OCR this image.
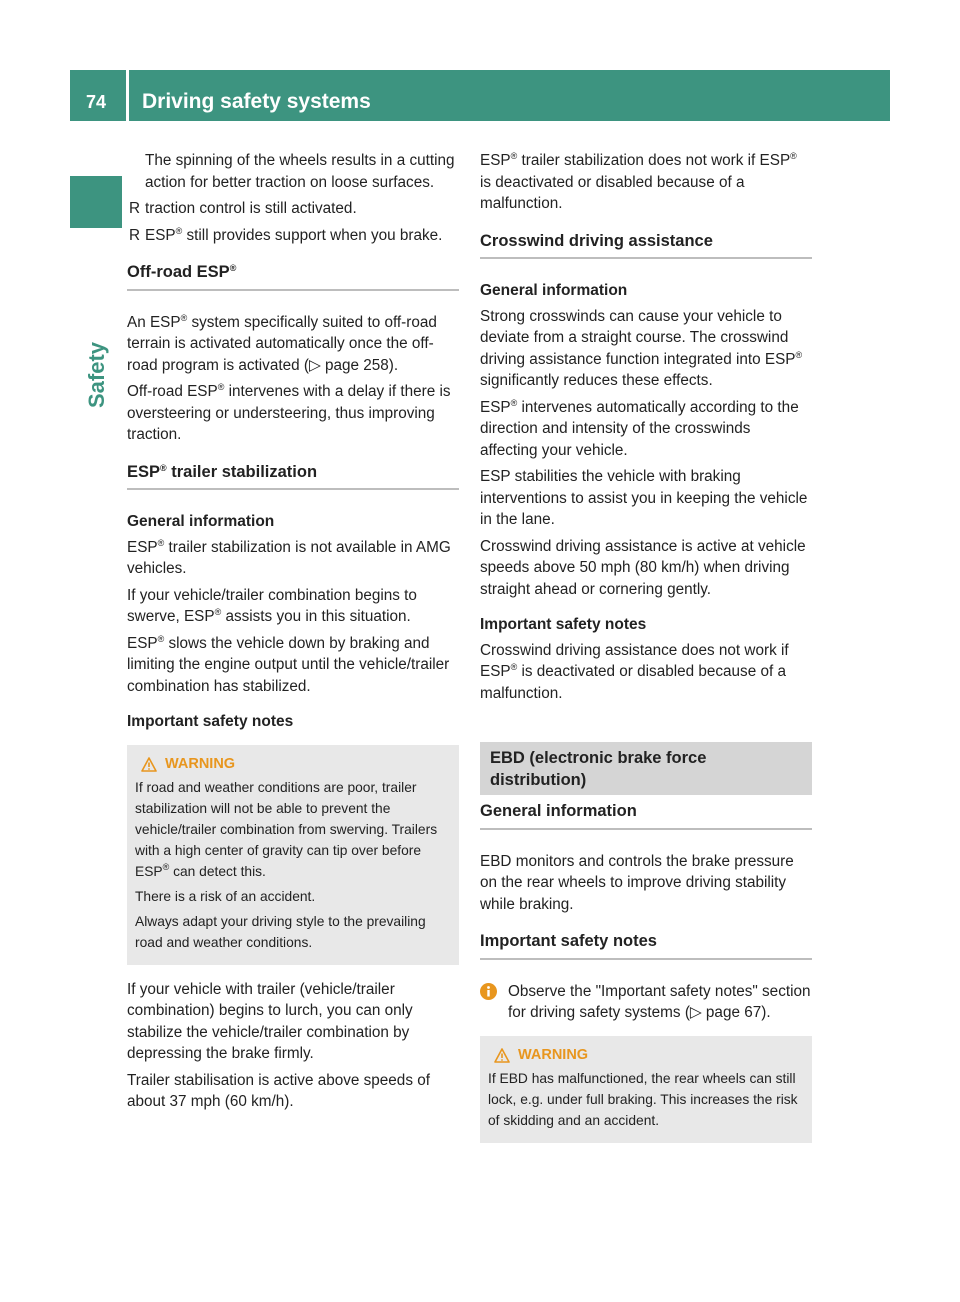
74 Driving safety systems
Safety

The spinning of the wheels results in a cutting action for better traction on loose surfaces.

R traction control is still activated.
R ESP® still provides support when you brake.
Off-road ESP®

An ESP® system specifically suited to off-road terrain is activated automatically once the off-road program is activated (▷ page 258).

Off-road ESP® intervenes with a delay if there is oversteering or understeering, thus improving traction.

ESP® trailer stabilization
General information

ESP® trailer stabilization is not available in AMG vehicles.

If your vehicle/trailer combination begins to swerve, ESP® assists you in this situation.

ESP® slows the vehicle down by braking and limiting the engine output until the vehicle/trailer combination has stabilized.

Important safety notes
WARNING

If road and weather conditions are poor, trailer stabilization will not be able to prevent the vehicle/trailer combination from swerving. Trailers with a high center of gravity can tip over before ESP® can detect this.

There is a risk of an accident.

Always adapt your driving style to the prevailing road and weather conditions.

If your vehicle with trailer (vehicle/trailer combination) begins to lurch, you can only stabilize the vehicle/trailer combination by depressing the brake firmly.

Trailer stabilisation is active above speeds of about 37 mph (60 km/h).

ESP® trailer stabilization does not work if ESP® is deactivated or disabled because of a malfunction.

Crosswind driving assistance
General information

Strong crosswinds can cause your vehicle to deviate from a straight course. The crosswind driving assistance function integrated into ESP® significantly reduces these effects.

ESP® intervenes automatically according to the direction and intensity of the crosswinds affecting your vehicle.

ESP stabilities the vehicle with braking interventions to assist you in keeping the vehicle in the lane.

Crosswind driving assistance is active at vehicle speeds above 50 mph (80 km/h) when driving straight ahead or cornering gently.

Important safety notes

Crosswind driving assistance does not work if ESP® is deactivated or disabled because of a malfunction.

EBD (electronic brake force distribution)
General information

EBD monitors and controls the brake pressure on the rear wheels to improve driving stability while braking.

Important safety notes
Observe the "Important safety notes" section for driving safety systems (▷ page 67).
WARNING

If EBD has malfunctioned, the rear wheels can still lock, e.g. under full braking. This increases the risk of skidding and an accident.
